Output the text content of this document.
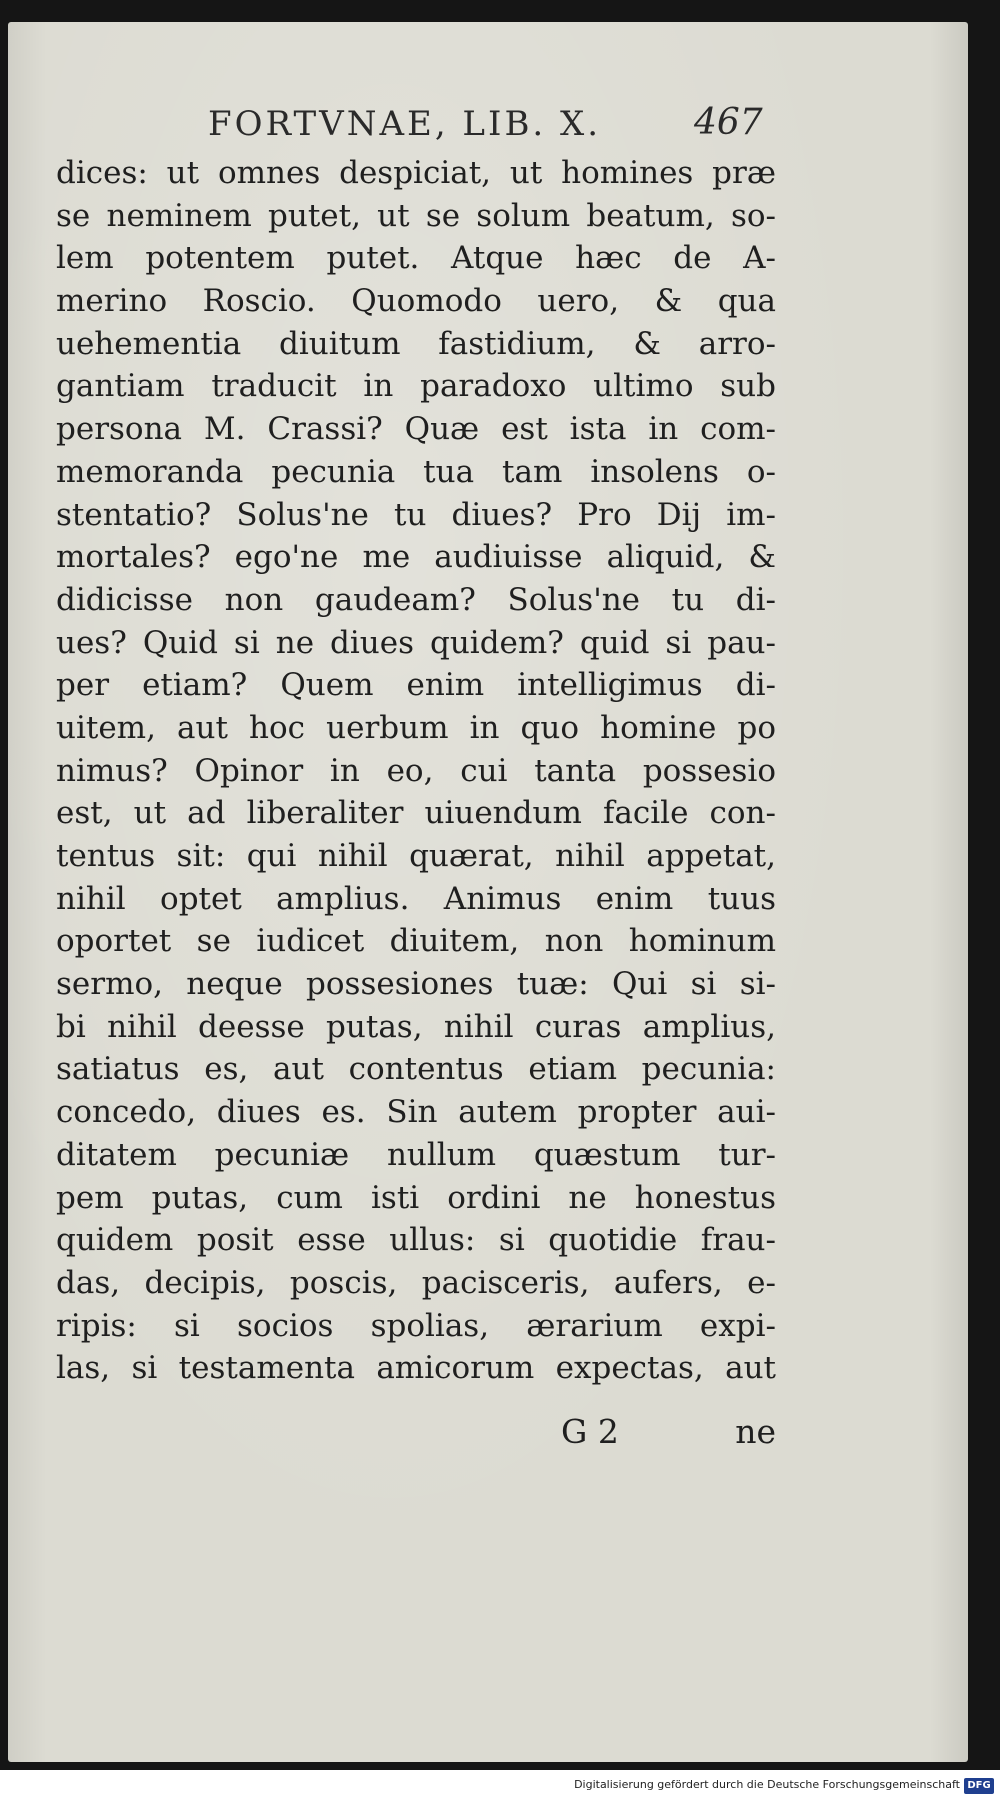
FORTVNAE, LIB. X.	467
dices: ut omnes despiciat, ut homines præ
se neminem putet, ut se solum beatum, so-
lem potentem putet. Atque hæc de A-
merino Roscio. Quomodo uero, & qua
uehementia diuitum fastidium, & arro-
gantiam traducit in paradoxo ultimo sub
persona M. Crassi? Quæ est ista in com-
memoranda pecunia tua tam insolens o-
stentatio? Solus'ne tu diues? Pro Dij im-
mortales? ego'ne me audiuisse aliquid, &
didicisse non gaudeam? Solus'ne tu di-
ues? Quid si ne diues quidem? quid si pau-
per etiam? Quem enim intelligimus di-
uitem, aut hoc uerbum in quo homine po
nimus? Opinor in eo, cui tanta possesio
est, ut ad liberaliter uiuendum facile con-
tentus sit: qui nihil quærat, nihil appetat,
nihil optet amplius. Animus enim tuus
oportet se iudicet diuitem, non hominum
sermo, neque possesiones tuæ: Qui si si-
bi nihil deesse putas, nihil curas amplius,
satiatus es, aut contentus etiam pecunia:
concedo, diues es. Sin autem propter aui-
ditatem pecuniæ nullum quæstum tur-
pem putas, cum isti ordini ne honestus
quidem posit esse ullus: si quotidie frau-
das, decipis, poscis, pacisceris, aufers, e-
ripis: si socios spolias, ærarium expi-
las, si testamenta amicorum expectas, aut
G 2	ne
Digitalisierung gefördert durch die Deutsche Forschungsgemeinschaft DFG
